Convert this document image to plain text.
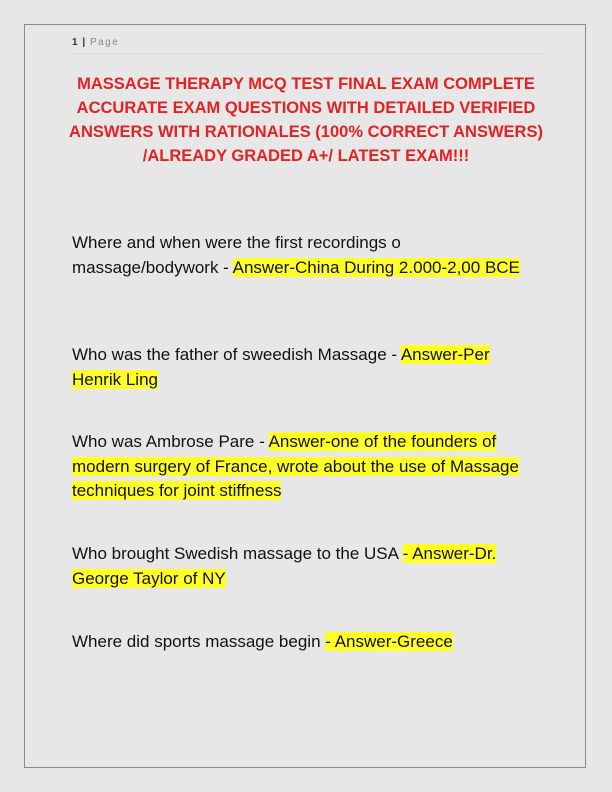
1 | Page
MASSAGE THERAPY MCQ TEST FINAL EXAM COMPLETE ACCURATE EXAM QUESTIONS WITH DETAILED VERIFIED ANSWERS WITH RATIONALES (100% CORRECT ANSWERS) /ALREADY GRADED A+/ LATEST EXAM!!!
Where and when were the first recordings o massage/bodywork - Answer-China During 2.000-2,00 BCE
Who was the father of sweedish Massage - Answer-Per Henrik Ling
Who was Ambrose Pare - Answer-one of the founders of modern surgery of France, wrote about the use of Massage techniques for joint stiffness
Who brought Swedish massage to the USA - Answer-Dr. George Taylor of NY
Where did sports massage begin - Answer-Greece
